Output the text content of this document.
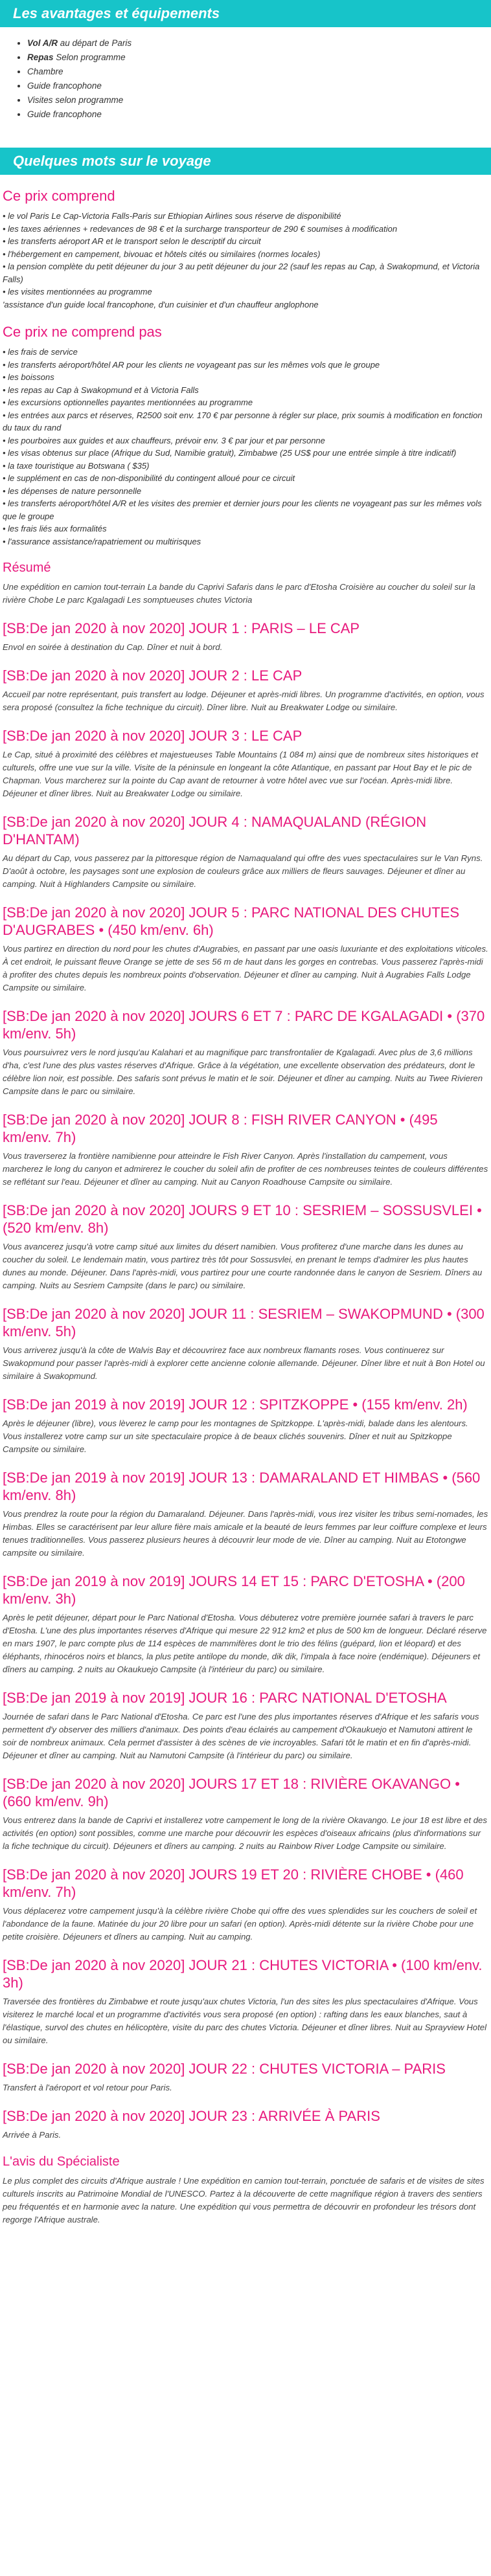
Les avantages et équipements
• Vol A/R au départ de Paris
• Repas Selon programme
• Chambre
• Guide francophone
• Visites selon programme
• Guide francophone
Quelques mots sur le voyage
Ce prix comprend

• le vol Paris Le Cap-Victoria Falls-Paris sur Ethiopian Airlines sous réserve de disponibilité

• les taxes aériennes + redevances de 98 € et la surcharge transporteur de 290 € soumises à modification

• les transferts aéroport AR et le transport selon le descriptif du circuit

• l'hébergement en campement, bivouac et hôtels cités ou similaires (normes locales)

• la pension complète du petit déjeuner du jour 3 au petit déjeuner du jour 22 (sauf les repas au Cap, à Swakopmund, et Victoria Falls)

• les visites mentionnées au programme

'assistance d'un guide local francophone, d'un cuisinier et d'un chauffeur anglophone

Ce prix ne comprend pas

• les frais de service

• les transferts aéroport/hôtel AR pour les clients ne voyageant pas sur les mêmes vols que le groupe

• les boissons

• les repas au Cap à Swakopmund et à Victoria Falls

• les excursions optionnelles payantes mentionnées au programme

• les entrées aux parcs et réserves, R2500 soit env. 170 € par personne à régler sur place, prix soumis à modification en fonction du taux du rand

• les pourboires aux guides et aux chauffeurs, prévoir env. 3 € par jour et par personne

• les visas obtenus sur place (Afrique du Sud, Namibie gratuit), Zimbabwe (25 US$ pour une entrée simple à titre indicatif)

• la taxe touristique au Botswana ( $35)

• le supplément en cas de non-disponibilité du contingent alloué pour ce circuit

• les dépenses de nature personnelle

• les transferts aéroport/hôtel A/R et les visites des premier et dernier jours pour les clients ne voyageant pas sur les mêmes vols que le groupe

• les frais liés aux formalités

• l'assurance assistance/rapatriement ou multirisques

Résumé

Une expédition en camion tout-terrain La bande du Caprivi Safaris dans le parc d'Etosha Croisière au coucher du soleil sur la rivière Chobe Le parc Kgalagadi Les somptueuses chutes Victoria

[SB:De jan 2020 à nov 2020] JOUR 1 : PARIS – LE CAP

Envol en soirée à destination du Cap. Dîner et nuit à bord.

[SB:De jan 2020 à nov 2020] JOUR 2 : LE CAP

Accueil par notre représentant, puis transfert au lodge. Déjeuner et après-midi libres. Un programme d'activités, en option, vous sera proposé (consultez la fiche technique du circuit). Dîner libre. Nuit au Breakwater Lodge ou similaire.

[SB:De jan 2020 à nov 2020] JOUR 3 : LE CAP

Le Cap, situé à proximité des célèbres et majestueuses Table Mountains (1 084 m) ainsi que de nombreux sites historiques et culturels, offre une vue sur la ville. Visite de la péninsule en longeant la côte Atlantique, en passant par Hout Bay et le pic de Chapman. Vous marcherez sur la pointe du Cap avant de retourner à votre hôtel avec vue sur l'océan. Après-midi libre. Déjeuner et dîner libres. Nuit au Breakwater Lodge ou similaire.

[SB:De jan 2020 à nov 2020] JOUR 4 : NAMAQUALAND (RÉGION D'HANTAM)

Au départ du Cap, vous passerez par la pittoresque région de Namaqualand qui offre des vues spectaculaires sur le Van Ryns. D'août à octobre, les paysages sont une explosion de couleurs grâce aux milliers de fleurs sauvages. Déjeuner et dîner au camping. Nuit à Highlanders Campsite ou similaire.

[SB:De jan 2020 à nov 2020] JOUR 5 : PARC NATIONAL DES CHUTES D'AUGRABES • (450 km/env. 6h)

Vous partirez en direction du nord pour les chutes d'Augrabies, en passant par une oasis luxuriante et des exploitations viticoles. À cet endroit, le puissant fleuve Orange se jette de ses 56 m de haut dans les gorges en contrebas. Vous passerez l'après-midi à profiter des chutes depuis les nombreux points d'observation. Déjeuner et dîner au camping. Nuit à Augrabies Falls Lodge Campsite ou similaire.

[SB:De jan 2020 à nov 2020] JOURS 6 ET 7 : PARC DE KGALAGADI • (370 km/env. 5h)

Vous poursuivrez vers le nord jusqu'au Kalahari et au magnifique parc transfrontalier de Kgalagadi. Avec plus de 3,6 millions d'ha, c'est l'une des plus vastes réserves d'Afrique. Grâce à la végétation, une excellente observation des prédateurs, dont le célèbre lion noir, est possible. Des safaris sont prévus le matin et le soir. Déjeuner et dîner au camping. Nuits au Twee Rivieren Campsite dans le parc ou similaire.

[SB:De jan 2020 à nov 2020] JOUR 8 : FISH RIVER CANYON • (495 km/env. 7h)

Vous traverserez la frontière namibienne pour atteindre le Fish River Canyon. Après l'installation du campement, vous marcherez le long du canyon et admirerez le coucher du soleil afin de profiter de ces nombreuses teintes de couleurs différentes se reflétant sur l'eau. Déjeuner et dîner au camping. Nuit au Canyon Roadhouse Campsite ou similaire.

[SB:De jan 2020 à nov 2020] JOURS 9 ET 10 : SESRIEM – SOSSUSVLEI • (520 km/env. 8h)

Vous avancerez jusqu'à votre camp situé aux limites du désert namibien. Vous profiterez d'une marche dans les dunes au coucher du soleil. Le lendemain matin, vous partirez très tôt pour Sossusvlei, en prenant le temps d'admirer les plus hautes dunes au monde. Déjeuner. Dans l'après-midi, vous partirez pour une courte randonnée dans le canyon de Sesriem. Dîners au camping. Nuits au Sesriem Campsite (dans le parc) ou similaire.

[SB:De jan 2020 à nov 2020] JOUR 11 : SESRIEM – SWAKOPMUND • (300 km/env. 5h)

Vous arriverez jusqu'à la côte de Walvis Bay et découvrirez face aux nombreux flamants roses. Vous continuerez sur Swakopmund pour passer l'après-midi à explorer cette ancienne colonie allemande. Déjeuner. Dîner libre et nuit à Bon Hotel ou similaire à Swakopmund.

[SB:De jan 2019 à nov 2019] JOUR 12 : SPITZKOPPE • (155 km/env. 2h)

Après le déjeuner (libre), vous lèverez le camp pour les montagnes de Spitzkoppe. L'après-midi, balade dans les alentours. Vous installerez votre camp sur un site spectaculaire propice à de beaux clichés souvenirs. Dîner et nuit au Spitzkoppe Campsite ou similaire.

[SB:De jan 2019 à nov 2019] JOUR 13 : DAMARALAND ET HIMBAS • (560 km/env. 8h)

Vous prendrez la route pour la région du Damaraland. Déjeuner. Dans l'après-midi, vous irez visiter les tribus semi-nomades, les Himbas. Elles se caractérisent par leur allure fière mais amicale et la beauté de leurs femmes par leur coiffure complexe et leurs tenues traditionnelles. Vous passerez plusieurs heures à découvrir leur mode de vie. Dîner au camping. Nuit au Etotongwe campsite ou similaire.

[SB:De jan 2019 à nov 2019] JOURS 14 ET 15 : PARC D'ETOSHA • (200 km/env. 3h)

Après le petit déjeuner, départ pour le Parc National d'Etosha. Vous débuterez votre première journée safari à travers le parc d'Etosha. L'une des plus importantes réserves d'Afrique qui mesure 22 912 km2 et plus de 500 km de longueur. Déclaré réserve en mars 1907, le parc compte plus de 114 espèces de mammifères dont le trio des félins (guépard, lion et léopard) et des éléphants, rhinocéros noirs et blancs, la plus petite antilope du monde, dik dik, l'impala à face noire (endémique). Déjeuners et dîners au camping. 2 nuits au Okaukuejo Campsite (à l'intérieur du parc) ou similaire.

[SB:De jan 2019 à nov 2019] JOUR 16 : PARC NATIONAL D'ETOSHA

Journée de safari dans le Parc National d'Etosha. Ce parc est l'une des plus importantes réserves d'Afrique et les safaris vous permettent d'y observer des milliers d'animaux. Des points d'eau éclairés au campement d'Okaukuejo et Namutoni attirent le soir de nombreux animaux. Cela permet d'assister à des scènes de vie incroyables. Safari tôt le matin et en fin d'après-midi. Déjeuner et dîner au camping. Nuit au Namutoni Campsite (à l'intérieur du parc) ou similaire.

[SB:De jan 2020 à nov 2020] JOURS 17 ET 18 : RIVIÈRE OKAVANGO • (660 km/env. 9h)

Vous entrerez dans la bande de Caprivi et installerez votre campement le long de la rivière Okavango. Le jour 18 est libre et des activités (en option) sont possibles, comme une marche pour découvrir les espèces d'oiseaux africains (plus d'informations sur la fiche technique du circuit). Déjeuners et dîners au camping. 2 nuits au Rainbow River Lodge Campsite ou similaire.

[SB:De jan 2020 à nov 2020] JOURS 19 ET 20 : RIVIÈRE CHOBE • (460 km/env. 7h)

Vous déplacerez votre campement jusqu'à la célèbre rivière Chobe qui offre des vues splendides sur les couchers de soleil et l'abondance de la faune. Matinée du jour 20 libre pour un safari (en option). Après-midi détente sur la rivière Chobe pour une petite croisière. Déjeuners et dîners au camping. Nuit au camping.

[SB:De jan 2020 à nov 2020] JOUR 21 : CHUTES VICTORIA • (100 km/env. 3h)

Traversée des frontières du Zimbabwe et route jusqu'aux chutes Victoria, l'un des sites les plus spectaculaires d'Afrique. Vous visiterez le marché local et un programme d'activités vous sera proposé (en option) : rafting dans les eaux blanches, saut à l'élastique, survol des chutes en hélicoptère, visite du parc des chutes Victoria. Déjeuner et dîner libres. Nuit au Sprayview Hotel ou similaire.

[SB:De jan 2020 à nov 2020] JOUR 22 : CHUTES VICTORIA – PARIS

Transfert à l'aéroport et vol retour pour Paris.

[SB:De jan 2020 à nov 2020] JOUR 23 : ARRIVÉE À PARIS

Arrivée à Paris.

L'avis du Spécialiste

Le plus complet des circuits d'Afrique australe ! Une expédition en camion tout-terrain, ponctuée de safaris et de visites de sites culturels inscrits au Patrimoine Mondial de l'UNESCO. Partez à la découverte de cette magnifique région à travers des sentiers peu fréquentés et en harmonie avec la nature. Une expédition qui vous permettra de découvrir en profondeur les trésors dont regorge l'Afrique australe.
